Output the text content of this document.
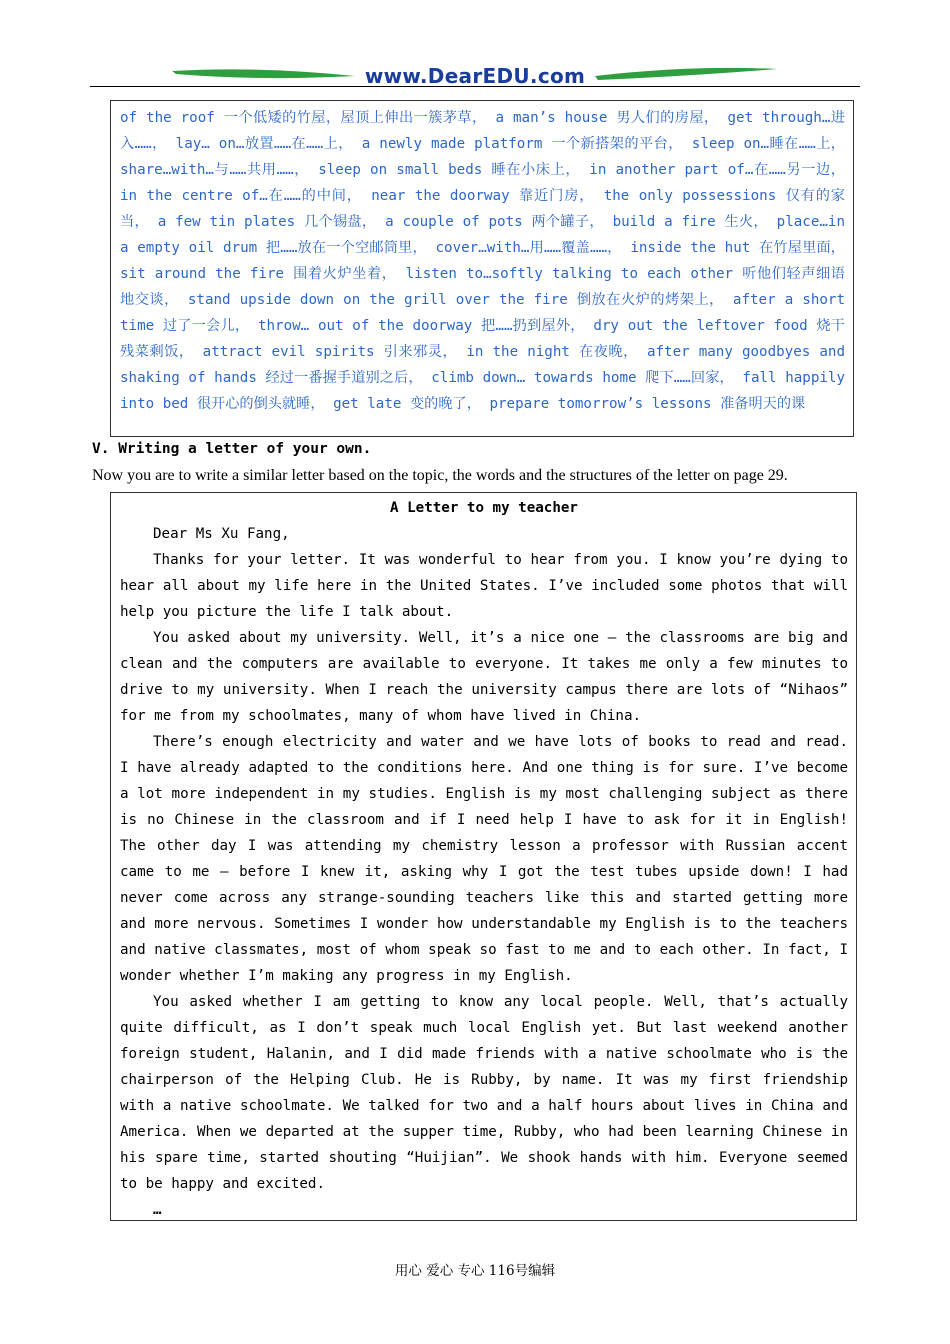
www.DearEDU.com
of the roof 一个低矮的竹屋，屋顶上伸出一簇茅草， a man’s house 男人们的房屋， get through…进入……， lay… on…放置……在……上， a newly made platform 一个新搭架的平台， sleep on…睡在……上， share…with…与……共用……， sleep on small beds 睡在小床上， in another part of…在……另一边， in the centre of…在……的中间， near the doorway 靠近门房， the only possessions 仅有的家当， a few tin plates 几个锡盘， a couple of pots 两个罐子， build a fire 生火， place…in a empty oil drum 把……放在一个空邮筒里， cover…with…用……覆盖……， inside the hut 在竹屋里面， sit around the fire 围着火炉坐着， listen to…softly talking to each other 听他们轻声细语地交谈， stand upside down on the grill over the fire 倒放在火炉的烤架上， after a short time 过了一会儿， throw… out of the doorway 把……扔到屋外， dry out the leftover food 烧干残菜剩饭， attract evil spirits 引来邪灵， in the night 在夜晚， after many goodbyes and shaking of hands 经过一番握手道别之后， climb down… towards home 爬下……回家， fall happily into bed 很开心的倒头就睡， get late 变的晚了， prepare tomorrow’s lessons 准备明天的课
V. Writing a letter of your own.
Now you are to write a similar letter based on the topic, the words and the structures of the letter on page 29.
A Letter to my teacher
Dear Ms Xu Fang,

Thanks for your letter. It was wonderful to hear from you. I know you’re dying to hear all about my life here in the United States. I’ve included some photos that will help you picture the life I talk about.

You asked about my university. Well, it’s a nice one – the classrooms are big and clean and the computers are available to everyone. It takes me only a few minutes to drive to my university. When I reach the university campus there are lots of “Nihaos” for me from my schoolmates, many of whom have lived in China.

There’s enough electricity and water and we have lots of books to read and read. I have already adapted to the conditions here. And one thing is for sure. I’ve become a lot more independent in my studies. English is my most challenging subject as there is no Chinese in the classroom and if I need help I have to ask for it in English! The other day I was attending my chemistry lesson a professor with Russian accent came to me – before I knew it, asking why I got the test tubes upside down! I had never come across any strange-sounding teachers like this and started getting more and more nervous. Sometimes I wonder how understandable my English is to the teachers and native classmates, most of whom speak so fast to me and to each other. In fact, I wonder whether I’m making any progress in my English.

You asked whether I am getting to know any local people. Well, that’s actually quite difficult, as I don’t speak much local English yet. But last weekend another foreign student, Halanin, and I did made friends with a native schoolmate who is the chairperson of the Helping Club. He is Rubby, by name. It was my first friendship with a native schoolmate. We talked for two and a half hours about lives in China and America. When we departed at the supper time, Rubby, who had been learning Chinese in his spare time, started shouting “Huijian”. We shook hands with him. Everyone seemed to be happy and excited.

…
用心 爱心 专心 116号编辑
